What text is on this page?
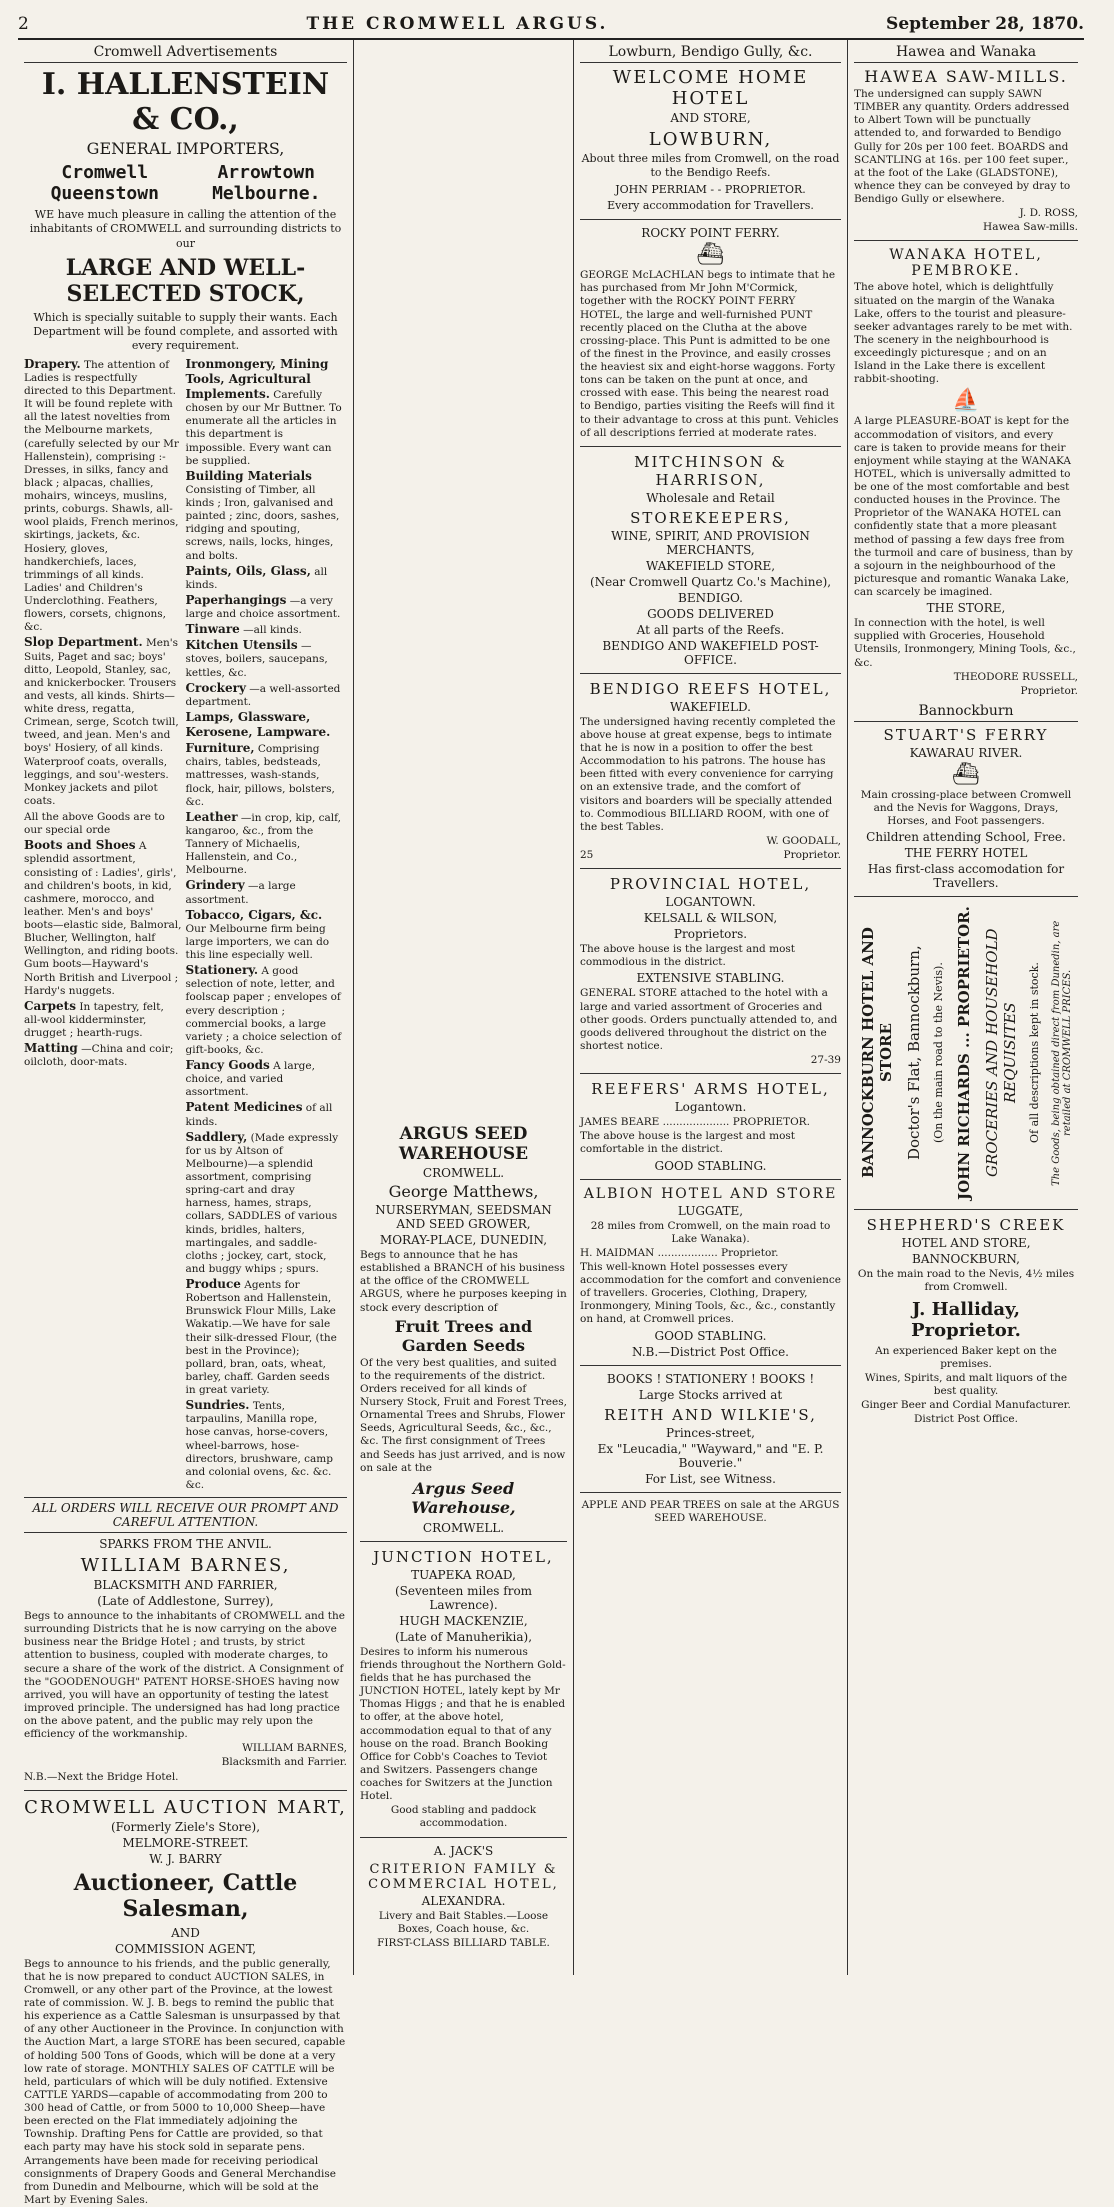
2	THE CROMWELL ARGUS.	September 28, 1870.
Cromwell Advertisements
I. HALLENSTEIN & CO.,
GENERAL IMPORTERS,
Cromwell	Arrowtown
Queenstown	Melbourne.

WE have much pleasure in calling the attention of the inhabitants of CROMWELL and surrounding districts to our

LARGE AND WELL-SELECTED STOCK,

Which is specially suitable to supply their wants. Each Department will be found complete, and assorted with every requirement.

Drapery. The attention of Ladies is respectfully directed to this Department. It will be found replete with all the latest novelties from the Melbourne markets, (carefully selected by our Mr Hallenstein), comprising :- Dresses, in silks, fancy and black ; alpacas, challies, mohairs, winceys, muslins, prints, coburgs. Shawls, all-wool plaids, French merinos, skirtings, jackets, &c. Hosiery, gloves, handkerchiefs, laces, trimmings of all kinds. Ladies' and Children's Underclothing. Feathers, flowers, corsets, chignons, &c.

Slop Department. Men's Suits, Paget and sac; boys' ditto, Leopold, Stanley, sac, and knickerbocker. Trousers and vests, all kinds. Shirts—white dress, regatta, Crimean, serge, Scotch twill, tweed, and jean. Men's and boys' Hosiery, of all kinds. Waterproof coats, overalls, leggings, and sou'-westers. Monkey jackets and pilot coats.

All the above Goods are to our special orde

Boots and Shoes A splendid assortment, consisting of : Ladies', girls', and children's boots, in kid, cashmere, morocco, and leather. Men's and boys' boots—elastic side, Balmoral, Blucher, Wellington, half Wellington, and riding boots. Gum boots—Hayward's North British and Liverpool ; Hardy's nuggets.

Carpets In tapestry, felt, all-wool kidderminster, drugget ; hearth-rugs.

Matting —China and coir; oilcloth, door-mats.

Ironmongery, Mining Tools, Agricultural Implements. Carefully chosen by our Mr Buttner. To enumerate all the articles in this department is impossible. Every want can be supplied.

Building Materials Consisting of Timber, all kinds ; Iron, galvanised and painted ; zinc, doors, sashes, ridging and spouting, screws, nails, locks, hinges, and bolts.

Paints, Oils, Glass, all kinds.

Paperhangings —a very large and choice assortment.

Tinware —all kinds.

Kitchen Utensils —stoves, boilers, saucepans, kettles, &c.

Crockery —a well-assorted department.

Lamps, Glassware, Kerosene, Lampware.

Furniture, Comprising chairs, tables, bedsteads, mattresses, wash-stands, flock, hair, pillows, bolsters, &c.

Leather —in crop, kip, calf, kangaroo, &c., from the Tannery of Michaelis, Hallenstein, and Co., Melbourne.

Grindery —a large assortment.

Tobacco, Cigars, &c. Our Melbourne firm being large importers, we can do this line especially well.

Stationery. A good selection of note, letter, and foolscap paper ; envelopes of every description ; commercial books, a large variety ; a choice selection of gift-books, &c.

Fancy Goods A large, choice, and varied assortment.

Patent Medicines of all kinds.

Saddlery, (Made expressly for us by Altson of Melbourne)—a splendid assortment, comprising spring-cart and dray harness, hames, straps, collars, SADDLES of various kinds, bridles, halters, martingales, and saddle-cloths ; jockey, cart, stock, and buggy whips ; spurs.

Produce Agents for Robertson and Hallenstein, Brunswick Flour Mills, Lake Wakatip.—We have for sale their silk-dressed Flour, (the best in the Province); pollard, bran, oats, wheat, barley, chaff. Garden seeds in great variety.

Sundries. Tents, tarpaulins, Manilla rope, hose canvas, horse-covers, wheel-barrows, hose-directors, brushware, camp and colonial ovens, &c. &c. &c.

ALL ORDERS WILL RECEIVE OUR PROMPT AND CAREFUL ATTENTION.
SPARKS FROM THE ANVIL.
WILLIAM BARNES,
BLACKSMITH AND FARRIER,
(Late of Addlestone, Surrey),

Begs to announce to the inhabitants of CROMWELL and the surrounding Districts that he is now carrying on the above business near the Bridge Hotel ; and trusts, by strict attention to business, coupled with moderate charges, to secure a share of the work of the district. A Consignment of the "GOODENOUGH" PATENT HORSE-SHOES having now arrived, you will have an opportunity of testing the latest improved principle. The undersigned has had long practice on the above patent, and the public may rely upon the efficiency of the workmanship.

WILLIAM BARNES,

Blacksmith and Farrier.

N.B.—Next the Bridge Hotel.

CROMWELL AUCTION MART,
(Formerly Ziele's Store),
MELMORE-STREET.
W. J. BARRY
Auctioneer, Cattle Salesman,
AND
COMMISSION AGENT,

Begs to announce to his friends, and the public generally, that he is now prepared to conduct AUCTION SALES, in Cromwell, or any other part of the Province, at the lowest rate of commission. W. J. B. begs to remind the public that his experience as a Cattle Salesman is unsurpassed by that of any other Auctioneer in the Province. In conjunction with the Auction Mart, a large STORE has been secured, capable of holding 500 Tons of Goods, which will be done at a very low rate of storage. MONTHLY SALES OF CATTLE will be held, particulars of which will be duly notified. Extensive CATTLE YARDS—capable of accommodating from 200 to 300 head of Cattle, or from 5000 to 10,000 Sheep—have been erected on the Flat immediately adjoining the Township. Drafting Pens for Cattle are provided, so that each party may have his stock sold in separate pens. Arrangements have been made for receiving periodical consignments of Drapery Goods and General Merchandise from Dunedin and Melbourne, which will be sold at the Mart by Evening Sales.

ARGUS SEED WAREHOUSE
CROMWELL.
George Matthews,
NURSERYMAN, SEEDSMAN AND SEED GROWER,
MORAY-PLACE, DUNEDIN,

Begs to announce that he has established a BRANCH of his business at the office of the CROMWELL ARGUS, where he purposes keeping in stock every description of

Fruit Trees and Garden Seeds

Of the very best qualities, and suited to the requirements of the district. Orders received for all kinds of Nursery Stock, Fruit and Forest Trees, Ornamental Trees and Shrubs, Flower Seeds, Agricultural Seeds, &c., &c., &c. The first consignment of Trees and Seeds has just arrived, and is now on sale at the

Argus Seed Warehouse,
CROMWELL.
JUNCTION HOTEL,
TUAPEKA ROAD,
(Seventeen miles from Lawrence).
HUGH MACKENZIE,
(Late of Manuherikia),

Desires to inform his numerous friends throughout the Northern Gold-fields that he has purchased the JUNCTION HOTEL, lately kept by Mr Thomas Higgs ; and that he is enabled to offer, at the above hotel, accommodation equal to that of any house on the road. Branch Booking Office for Cobb's Coaches to Teviot and Switzers. Passengers change coaches for Switzers at the Junction Hotel.

Good stabling and paddock accommodation.

A. JACK'S
CRITERION FAMILY & COMMERCIAL HOTEL,
ALEXANDRA.

Livery and Bait Stables.—Loose Boxes, Coach house, &c.

FIRST-CLASS BILLIARD TABLE.

Lowburn, Bendigo Gully, &c.
WELCOME HOME HOTEL
AND STORE,
LOWBURN,

About three miles from Cromwell, on the road to the Bendigo Reefs.

JOHN PERRIAM - - PROPRIETOR.

Every accommodation for Travellers.

ROCKY POINT FERRY.
⛴

GEORGE McLACHLAN begs to intimate that he has purchased from Mr John M'Cormick, together with the ROCKY POINT FERRY HOTEL, the large and well-furnished PUNT recently placed on the Clutha at the above crossing-place. This Punt is admitted to be one of the finest in the Province, and easily crosses the heaviest six and eight-horse waggons. Forty tons can be taken on the punt at once, and crossed with ease. This being the nearest road to Bendigo, parties visiting the Reefs will find it to their advantage to cross at this punt. Vehicles of all descriptions ferried at moderate rates.

MITCHINSON & HARRISON,
Wholesale and Retail
STOREKEEPERS,
WINE, SPIRIT, AND PROVISION MERCHANTS,
WAKEFIELD STORE,
(Near Cromwell Quartz Co.'s Machine),
BENDIGO.
GOODS DELIVERED
At all parts of the Reefs.
BENDIGO AND WAKEFIELD POST-OFFICE.
BENDIGO REEFS HOTEL,
WAKEFIELD.

The undersigned having recently completed the above house at great expense, begs to intimate that he is now in a position to offer the best Accommodation to his patrons. The house has been fitted with every convenience for carrying on an extensive trade, and the comfort of visitors and boarders will be specially attended to. Commodious BILLIARD ROOM, with one of the best Tables.

W. GOODALL,

25	Proprietor.

PROVINCIAL HOTEL,
LOGANTOWN.
KELSALL & WILSON,
Proprietors.

The above house is the largest and most commodious in the district.

EXTENSIVE STABLING.

GENERAL STORE attached to the hotel with a large and varied assortment of Groceries and other goods. Orders punctually attended to, and goods delivered throughout the district on the shortest notice.

27-39

REEFERS' ARMS HOTEL,
Logantown.

JAMES BEARE .................... PROPRIETOR.

The above house is the largest and most comfortable in the district.

GOOD STABLING.
ALBION HOTEL AND STORE
LUGGATE,

28 miles from Cromwell, on the main road to Lake Wanaka).

H. MAIDMAN .................. Proprietor.

This well-known Hotel possesses every accommodation for the comfort and convenience of travellers. Groceries, Clothing, Drapery, Ironmongery, Mining Tools, &c., &c., constantly on hand, at Cromwell prices.

GOOD STABLING.
N.B.—District Post Office.
BOOKS ! STATIONERY ! BOOKS !
Large Stocks arrived at
REITH AND WILKIE'S,
Princes-street,
Ex "Leucadia," "Wayward," and "E. P. Bouverie."
For List, see Witness.

APPLE AND PEAR TREES on sale at the ARGUS SEED WAREHOUSE.

Hawea and Wanaka
HAWEA SAW-MILLS.

The undersigned can supply SAWN TIMBER any quantity. Orders addressed to Albert Town will be punctually attended to, and forwarded to Bendigo Gully for 20s per 100 feet. BOARDS and SCANTLING at 16s. per 100 feet super., at the foot of the Lake (GLADSTONE), whence they can be conveyed by dray to Bendigo Gully or elsewhere.

J. D. ROSS,

Hawea Saw-mills.

WANAKA HOTEL, PEMBROKE.

The above hotel, which is delightfully situated on the margin of the Wanaka Lake, offers to the tourist and pleasure-seeker advantages rarely to be met with. The scenery in the neighbourhood is exceedingly picturesque ; and on an Island in the Lake there is excellent rabbit-shooting.

⛵

A large PLEASURE-BOAT is kept for the accommodation of visitors, and every care is taken to provide means for their enjoyment while staying at the WANAKA HOTEL, which is universally admitted to be one of the most comfortable and best conducted houses in the Province. The Proprietor of the WANAKA HOTEL can confidently state that a more pleasant method of passing a few days free from the turmoil and care of business, than by a sojourn in the neighbourhood of the picturesque and romantic Wanaka Lake, can scarcely be imagined.

THE STORE,

In connection with the hotel, is well supplied with Groceries, Household Utensils, Ironmongery, Mining Tools, &c., &c.

THEODORE RUSSELL,

Proprietor.

Bannockburn
STUART'S FERRY
KAWARAU RIVER.
⛴

Main crossing-place between Cromwell and the Nevis for Waggons, Drays, Horses, and Foot passengers.

Children attending School, Free.
THE FERRY HOTEL
Has first-class accomodation for Travellers.
BANNOCKBURN HOTEL AND STORE Doctor's Flat, Bannockburn, (On the main road to the Nevis). JOHN RICHARDS ... PROPRIETOR. GROCERIES AND HOUSEHOLD REQUISITES Of all descriptions kept in stock. The Goods, being obtained direct from Dunedin, are retailed at CROMWELL PRICES.
SHEPHERD'S CREEK
HOTEL AND STORE,
BANNOCKBURN,

On the main road to the Nevis, 4½ miles from Cromwell.

J. Halliday, Proprietor.

An experienced Baker kept on the premises.

Wines, Spirits, and malt liquors of the best quality.

Ginger Beer and Cordial Manufacturer.

District Post Office.
